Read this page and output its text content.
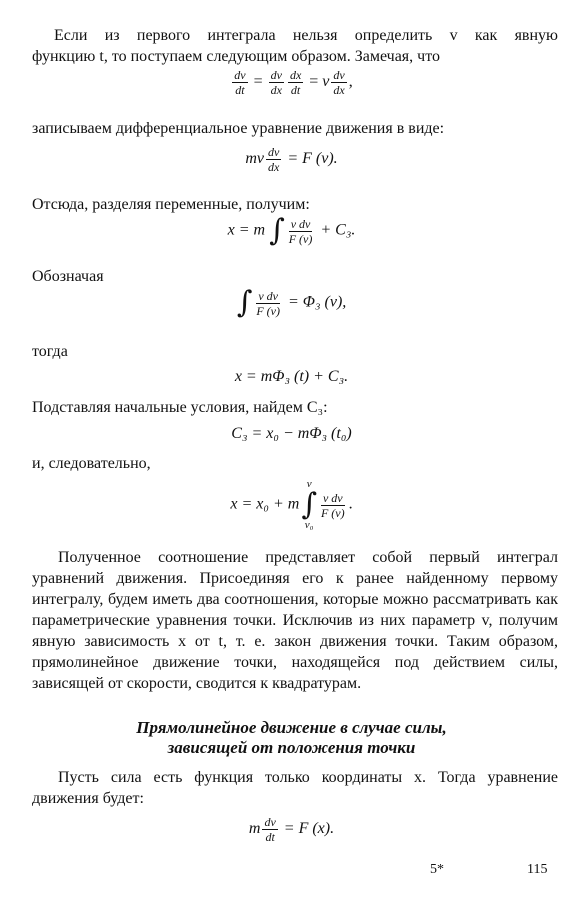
Если из первого интеграла нельзя определить v как явную
функцию t, то поступаем следующим образом. Замечая, что
$\frac{dv}{dt} = \frac{dv}{dx} \frac{dx}{dt} = v \frac{dv}{dx}$ ,
записываем дифференциальное уравнение движения в виде:
mv $\frac{dv}{dx} = F$ (v).
Отсюда, разделяя переменные, получим:
x = m ∫ $\frac{\text{v dv}}{F (v)} + C_3$.
Обозначая
∫ $\frac{\text{v dv}}{F (v)} = \Phi_3$ (v),
тогда
x = mΦ₃ (t) + C₃.
Подставляя начальные условия, найдем C₃:
C₃ = x₀ − mΦ₃ (t₀)
и, следовательно,
x = x₀ + m
v
∫
v₀
$\frac{\text{v dv}}{F (v)}$ .
Полученное соотношение представляет собой первый интеграл уравнений движения. Присоединяя его к ранее найденному первому интегралу, будем иметь два соотношения, которые можно рассматривать как параметрические уравнения точки. Исключив из них параметр v, получим явную зависимость x от t, т. е. закон движения точки. Таким образом, прямолинейное движение точки, находящейся под действием силы, зависящей от скорости, сводится к квадратурам.
Прямолинейное движение в случае силы,
зависящей от положения точки
Пусть сила есть функция только координаты x. Тогда уравнение движения будет:
m $\frac{dv}{dt} = F$ (x).
5*	115
